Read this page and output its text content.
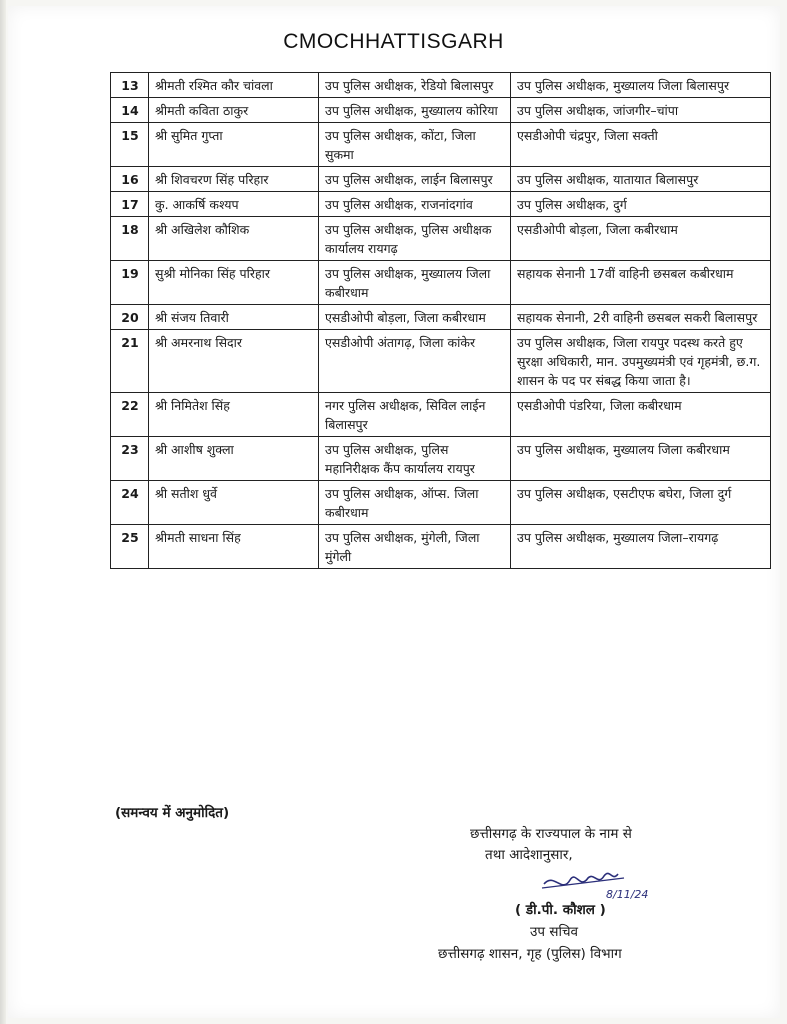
CMOCHHATTISGARH
13	श्रीमती रश्मित कौर चांवला	उप पुलिस अधीक्षक, रेडियो बिलासपुर	उप पुलिस अधीक्षक, मुख्यालय जिला बिलासपुर
14	श्रीमती कविता ठाकुर	उप पुलिस अधीक्षक, मुख्यालय कोरिया	उप पुलिस अधीक्षक, जांजगीर–चांपा
15	श्री सुमित गुप्ता	उप पुलिस अधीक्षक, कोंटा, जिला सुकमा	एसडीओपी चंद्रपुर, जिला सक्ती
16	श्री शिवचरण सिंह परिहार	उप पुलिस अधीक्षक, लाईन बिलासपुर	उप पुलिस अधीक्षक, यातायात बिलासपुर
17	कु. आकर्षि कश्यप	उप पुलिस अधीक्षक, राजनांदगांव	उप पुलिस अधीक्षक, दुर्ग
18	श्री अखिलेश कौशिक	उप पुलिस अधीक्षक, पुलिस अधीक्षक कार्यालय रायगढ़	एसडीओपी बोड़ला, जिला कबीरधाम
19	सुश्री मोनिका सिंह परिहार	उप पुलिस अधीक्षक, मुख्यालय जिला कबीरधाम	सहायक सेनानी 17वीं वाहिनी छसबल कबीरधाम
20	श्री संजय तिवारी	एसडीओपी बोड़ला, जिला कबीरधाम	सहायक सेनानी, 2री वाहिनी छसबल सकरी बिलासपुर
21	श्री अमरनाथ सिदार	एसडीओपी अंतागढ़, जिला कांकेर	उप पुलिस अधीक्षक, जिला रायपुर पदस्थ करते हुए सुरक्षा अधिकारी, मान. उपमुख्यमंत्री एवं गृहमंत्री, छ.ग. शासन के पद पर संबद्ध किया जाता है।
22	श्री निमितेश सिंह	नगर पुलिस अधीक्षक, सिविल लाईन बिलासपुर	एसडीओपी पंडरिया, जिला कबीरधाम
23	श्री आशीष शुक्ला	उप पुलिस अधीक्षक, पुलिस महानिरीक्षक कैंप कार्यालय रायपुर	उप पुलिस अधीक्षक, मुख्यालय जिला कबीरधाम
24	श्री सतीश धुर्वे	उप पुलिस अधीक्षक, ऑप्स. जिला कबीरधाम	उप पुलिस अधीक्षक, एसटीएफ बघेरा, जिला दुर्ग
25	श्रीमती साधना सिंह	उप पुलिस अधीक्षक, मुंगेली, जिला मुंगेली	उप पुलिस अधीक्षक, मुख्यालय जिला–रायगढ़
(समन्वय में अनुमोदित)
छत्तीसगढ़ के राज्यपाल के नाम से
तथा आदेशानुसार,
8/11/24
( डी.पी. कौशल )
उप सचिव
छत्तीसगढ़ शासन, गृह (पुलिस) विभाग
